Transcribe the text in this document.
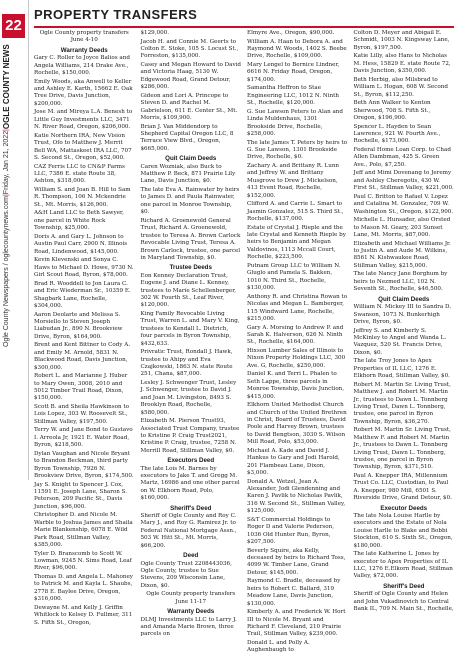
22
Ogle County Newspapers / oglecountynews.com|Friday, Jan 21, 2022|OGLE COUNTY NEWS
PROPERTY TRANSFERS

Ogle County property transfers June 4-10

Warranty Deeds

Gary C. Roller to Joyce Balios and Angela Williams, 214 Drake Ave., Rochelle, $150,000.

Emily Woods, aka Anwell to Keller and Ashley E. Karth, 15662 E. Oak Tree Drive, Davis Junction, $200,000.

Jose M. and Mireya L.A. Benesh to Little Guy Investments LLC, 3471 N. River Road, Oregon, $206,000.

Katie Northern IRA, New Vision Trust, Ofo to Matthew J. Merrit Bell WA, Mattaskeet IRA LLC, 707 S. Second St., Oregon, $52,000.

CAZ Ferris LLC to CN&P Farms LLC, 7386 E. state Route 38, Ashton, $318,000.

William S. and Joan B. Hill to Sam R. Thompson, 106 N. Mckendrie St., Mt. Morris, $126,900.

A&H Land LLC to Beth Sawyer, one parcel in White Rock Township, $25,000.

Doris A. and Gary L. Johnson to Austin Paul Carr, 2900 N. Illinois Road, Lindenwood, $145,000.

Kevin Klevenski and Sonya C. Haws to Michael D. Howe, 9730 N. Girl Scout Road, Byron, $78,000.

Brad R. Wooddell to Jon Laura C. and Eric Wiederman Sr., 10359 E. Shagbark Lane, Rochelle, $304,000.

Aaron Deolarte and Melissa S. Morsiello to Steven Joseph Liabudan Jr., 890 N. Brookview Drive, Byron, $164,900.

Brent and Kent Bittner to Cody A. and Emily M. Arnold, 5831 N. Blackwood Road, Davis Junction, $300,000.

Robert L. and Marianne J. Huber to Mary Owen, 3008, 2010 and 5012 Timber Trail Road, Dixon, $150,000.

Scott B. and Sheila Hawkinson to Lois Lopez, 303 W. Roosevelt St., Stillman Valley, $197,500.

Terry W. and Jane Bond to Gustavo I. Arreola Jr, 1921 E. Water Road, Byron, $218,500.

Dylan Vaughan and Nicole Bryant to Brandon Beckman, third party Byron Township, 7926 N. Brookview Drive, Byron, $174,500.

Jay S. Knight to Spencer J. Cox, 11591 E. Joseph Lane, Sharon S. Peterson, 209 Pacific St., Davis Junction, $96,000.

Christopher D. and Nicole M. Warble to Joshua James and Shaila Marie Blankenship, 6078 E. Wild Park Road, Stillman Valley, $385,000.

Tyler D. Branscomb to Scott W. Lowman, 9245 N. Sims Road, Leaf River, $96,000.

Thomas D. and Angela L. Mahoney to Patrick M. and Kayla L. Shaubs, 2778 E. Baylee Drive, Oregon, $316,000.

Dewayne M. and Kelly J. Griffin Whitlock to Kelsey D. Fullmer, 311 S. Fifth St., Oregon,

$129,000.

Jacob H. and Connie M. Geerts to Colton E. Stoke, 105 S. Locust St., Forreston, $135,000.

Casey and Megan Howard to David and Victoria Haag, 5130 W. Edgewood Road, Grand Detour, $286,000.

Gideon and Lori A. Princope to Steven D. and Rachel M. Gabrielson, 611 E. Center St., Mt. Morris, $109,900.

Brian J. Van Middendorp to Shepherd Capital Oregon LLC, 8 Terrace View Blvd., Oregon, $665,000.

Quit Claim Deeds

Caren Wozniak, also Buck to Matthew P. Beck, 871 Prairie Lily Lane, Davis Junction, $0.

The late Eva A. Rainwater by heirs to James D. and Paula Rainwater, one parcel in Monroe Township, $0.

Richard A. Groenewold General Trust, Richard A. Groenewold, trustee to Teresa A. Brown Carlock Revocable Living Trust, Teresa A. Brown Carlock, trustee, one parcel in Maryland Township, $0.

Trustee Deeds

Eon Kenney Declaration Trust, Eugene J. and Diane L. Kenney, trustees to Marie Schellenberger, 302 W. Fourth St., Leaf River, $120,000.

King Family Revocable Living Trust, Warren L. and Mary V. King, trustees to Kendall L. Dietrich, four parcels in Byron Township, $432,633.

Privratic Trust, Rondall J. Hawk, trustee to Ahipy and Eva Czajkowski, 1863 N. state Route 251, Chana, $87,000.

Lesley J. Schwenger Trust, Lesley J. Schwenger, trustee to David J. and Joan M. Livingston, 8493 S. Brooklyn Road, Rochelle, $580,000.

Elizabeth M. Pierson Trust93, Associated Trust Company, trustee to Kristine P. Craig Trust2021, Kristine P. Craig, trustee, 7258 N. Merrill Road, Stillman Valley, $0.

Executors Deed

The late Lois M. Barnes by executors to Jake T. and Gregg M. Martz, 16986 and one other parcel on W. Elkhorn Road, Polo, $160,000.

Sheriff's Deed

Sheriff of Ogle County and Roy C. Mary J., and Roy G. Ramirez Jr. to Federal National Mortgage Assn., 503 W. Hitt St., Mt. Morris, $66,200.

Deed

Ogle County Trust 2208443036, Ogle County, trustee to Sue Stevens, 209 Wisconsin Lane, Dixon, $0.

Ogle County property transfers June 11-17

Warranty Deeds

DLMJ Investments LLC to Larry J. and Amanda Marie Brown, three parcels on

Elmyre Ave., Oregon, $90,000.

William A. Haan to Debora A. and Raymond W. Woods, 1402 S. Beebe Drive, Rochelle, $109,000.

Mary Lengel to Bernice Lindner, 6616 N. Friday Road, Oregon, $174,000.

Samantha Heffron to Stae Engineering LLC, 1012 N. Ninth St., Rochelle, $120,000.

G. Sue Lawson Peters to Alan and Linda Muldenhaus, 1301 Brookside Drive, Rochelle, $258,000.

The late James T. Peters by heirs to G. Sue Lawson, 1301 Brookside Drive, Rochelle, $0.

Zachary A. and Brittany R. Lunn and Jeffrey W. and Brittany Musgrove to Drew J. Mickelson, 413 Event Road, Rochelle, $152,000.

Clifford A. and Carrie L. Smart to Jasmin Gonzalez, 515 S. Third St., Rochelle, $137,000.

Estate of Crystal J. Rieple and the late Crystal and Kenneth Rieple by heirs to Benjamin and Megan Valdovinos, 1113 Mccall Court, Rochelle, $223,500.

Putnam Group LLC to William N. Gluglo and Pamela S. Bakken, 1010 N. Third St., Rochelle, $130,000.

Anthony R. and Christina Rowan to Nicolas and Megan L. Bamberger, 115 Windward Lane, Rochelle, $215,000.

Gary A. Morsing to Andrew P. and Sarah K. Halverson, 626 N. Ninth St., Rochelle, $164,000.

Hixson Lumber Sales of Illinois to Nixon Property Holdings LLC, 300 Ave. G, Rochelle, $250,000.

Daniel K. and Terri L. Phalen to Seth Lappe, three parcels in Monroe Township, Davis Junction, $415,000.

Elkhorn United Methodist Church and Church of the United Brethren in Christ, Board of Trustees, David Poole and Harvey Brown, trustees to David Bengtson, 3030 S. Wilson Mill Road, Polo, $53,000.

Michael A. Kade and David J. Hankus to Gary and Jodi Harold, 201 Flambeau Lane, Dixon, $3,000.

Donald A. Wetzel, Jean A. Alexander, Jodi Glendenning and Karen J. Pavlik to Nicholas Pavlik, 316 W. Second St., Stillman Valley, $125,000.

S&T Commercial Holdings to Roger D and Valerie Pederson, 1036 Old Hunter Run, Byron, $207,500.

Beverly Squire, aka Kelly, deceased by heirs to Richard Toss, 4099 W. Timber Lane, Grand Detour, $145,000.

Raymond C. Bradle, deceased by heirs to Robert C. Ballard, 319 Meadow Lane, Davis Junction, $130,000.

Kimberly A. and Frederick W. Hort III to Nicole M. Bryant and Richard F. Cleveland, 210 Prairie Trail, Stillman Valley, $239,000.

Donald L. and Polly A. Aughenbaugh to

Colton D. Meyer and Abigail E. Schmidt, 1003 N. Kingsway Lane, Byron, $197,500.

Katie Lilly, also Hans to Nicholas M. Hess, 15829 E. state Route 72, Davis Junction, $350,000.

Beth Herbig, also Milsbrad to William L. Hogan, 608 W. Second St., Byron, $112,250.

Beth Ann Walker to Kenton Sherwood, 708 S. Fifth St., Oregon, $196,900.

Spencer L. Hayden to Sean Lawrence, 921 W. Fourth Ave., Rochelle, $173,000.

Federal Home Loan Corp. to Chad Allen Dambman, 425 S. Green Ave., Polo, $7,250.

Jeff and Mimi Dovenang to Jeremy and Ashley Cheregotis, 430 W. First St., Stillman Valley, $221,000.

Paul C. Britton to Rafael V. Lopez and Catalina M. Gonzalez, 709 W. Washington St., Oregon, $122,900.

Michelle L. Hunsader, also Orsted to Mason M. Geary, 203 Sunset Lane, Mt. Morris, $87,000.

Elizabeth and Michael Williams Jr. to Justin A. and Aude M. Wilkins, 8561 N. Kishwaukee Road, Stillman Valley, $215,000.

The late Nancy Jane Borghum by heirs to Nezmed LLC, 102 N. Seventh St., Rochelle, $46,500.

Quit Claim Deeds

William N. Mickey III to Sandra D. Swanson, 1073 N. Bunkerhigh Drive, Byron, $0.

Jeffrey S. and Kimberly S. McKinley to Angel and Wanda L. Vazquez, 520 St. Francis Drive, Dixon, $0.

The late Troy Jones to Apex Properties of IL LLC, 1276 E. Elkhorn Road, Stillman Valley, $0.

Robert M. Martin Sr. Living Trust, Matthew J. and Robert M. Martin Jr., trustees to Dawn L. Tonnberg Living Trust, Dawn L. Tonnberg, trustee, one parcel in Byron Township, Byron, $36,270.

Robert M. Martin Sr. Living Trust, Matthew F. and Robert M. Martin Jr., trustees to Dawn L. Tonnberg Living Trust, Dawn L. Tonnberg, trustee, one parcel in Byron Township, Byron, $371,510.

Paul A. Knepper IRA, Millennium Trust Co. LLC, Custodian, to Paul A. Knepper, 980 Mill, 6501 S. Riverside Drive, Grand Detour, $0.

Executor Deeds

The late Nola Louise Harlle by executors and the Estate of Nola Louise Harlle to Blake and Bobbi Stockton, 610 S. Sixth St., Oregon, $180,000.

The late Katherine L. Jones by executor to Apex Properties of IL LLC, 1276 E.Elkorn Road, Stillman Valley, $72,000.

Sheriff's Deed

Sheriff of Ogle County and Helen and John Vukadinovich to Central Bank IL, 709 N. Main St., Rochelle,
